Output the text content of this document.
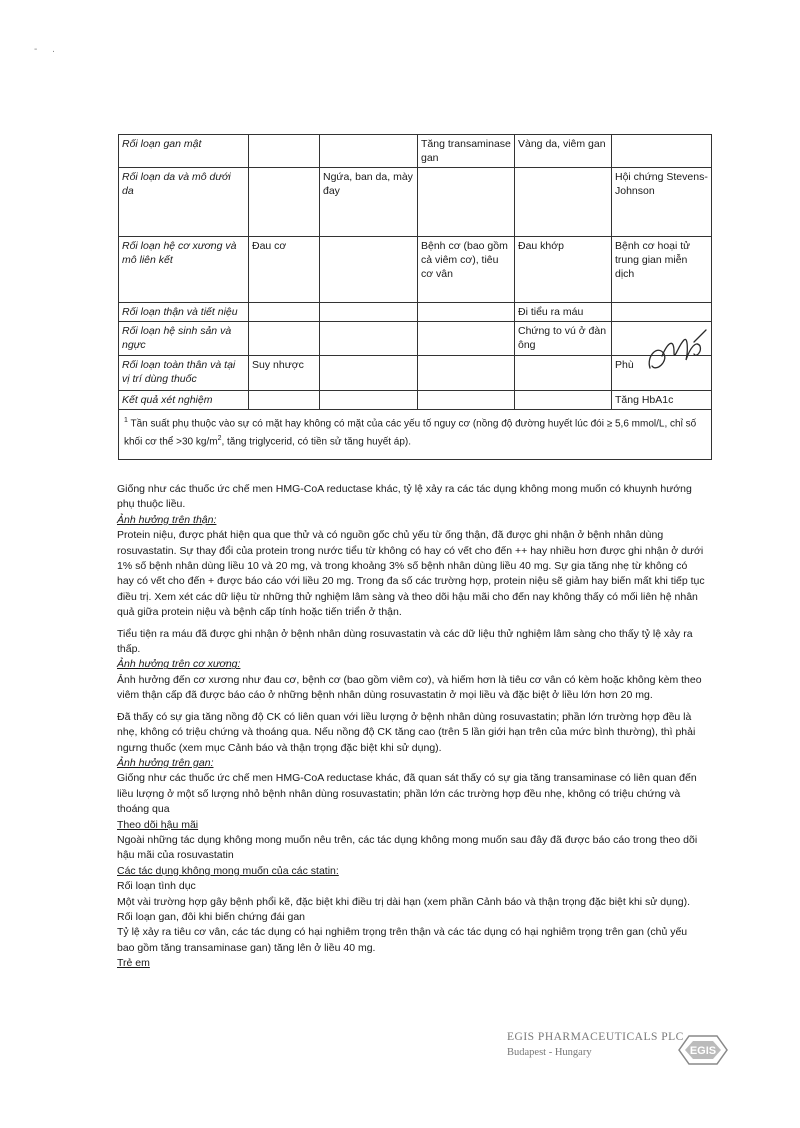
- .
Rối loạn gan mật			Tăng transaminase gan	Vàng da, viêm gan	
Rối loạn da và mô dưới da		Ngứa, ban da, mày đay			Hội chứng Stevens-Johnson
Rối loạn hệ cơ xương và mô liên kết	Đau cơ		Bệnh cơ (bao gồm cả viêm cơ), tiêu cơ vân	Đau khớp	Bệnh cơ hoại tử trung gian miễn dịch
Rối loạn thận và tiết niệu				Đi tiểu ra máu	
Rối loạn hệ sinh sản và ngực				Chứng to vú ở đàn ông	
Rối loạn toàn thân và tại vị trí dùng thuốc	Suy nhược				Phù
Kết quả xét nghiệm					Tăng HbA1c
$^1$ Tần suất phụ thuộc vào sự có mặt hay không có mặt của các yếu tố nguy cơ (nồng độ đường huyết lúc đói ≥ 5,6 mmol/L, chỉ số khối cơ thể >30 $kg/m^2$, tăng triglycerid, có tiền sử tăng huyết áp).					

Giống như các thuốc ức chế men HMG-CoA reductase khác, tỷ lệ xảy ra các tác dụng không mong muốn có khuynh hướng phụ thuộc liều.

Ảnh hưởng trên thận:

Protein niệu, được phát hiện qua que thử và có nguồn gốc chủ yếu từ ống thận, đã được ghi nhận ở bệnh nhân dùng rosuvastatin. Sự thay đổi của protein trong nước tiểu từ không có hay có vết cho đến ++ hay nhiều hơn được ghi nhận ở dưới 1% số bệnh nhân dùng liều 10 và 20 mg, và trong khoảng 3% số bệnh nhân dùng liều 40 mg. Sự gia tăng nhẹ từ không có hay có vết cho đến + được báo cáo với liều 20 mg. Trong đa số các trường hợp, protein niệu sẽ giảm hay biến mất khi tiếp tục điều trị. Xem xét các dữ liệu từ những thử nghiệm lâm sàng và theo dõi hậu mãi cho đến nay không thấy có mối liên hệ nhân quả giữa protein niệu và bệnh cấp tính hoặc tiến triển ở thận.

Tiểu tiện ra máu đã được ghi nhận ở bệnh nhân dùng rosuvastatin và các dữ liệu thử nghiệm lâm sàng cho thấy tỷ lệ xảy ra thấp.

Ảnh hưởng trên cơ xương:

Ảnh hưởng đến cơ xương như đau cơ, bệnh cơ (bao gồm viêm cơ), và hiếm hơn là tiêu cơ vân có kèm hoặc không kèm theo viêm thận cấp đã được báo cáo ở những bệnh nhân dùng rosuvastatin ở mọi liều và đặc biệt ở liều lớn hơn 20 mg.

Đã thấy có sự gia tăng nồng độ CK có liên quan với liều lượng ở bệnh nhân dùng rosuvastatin; phần lớn trường hợp đều là nhẹ, không có triệu chứng và thoáng qua. Nếu nồng độ CK tăng cao (trên 5 lần giới hạn trên của mức bình thường), thì phải ngưng thuốc (xem mục Cảnh báo và thận trọng đặc biệt khi sử dụng).

Ảnh hưởng trên gan:

Giống như các thuốc ức chế men HMG-CoA reductase khác, đã quan sát thấy có sự gia tăng transaminase có liên quan đến liều lượng ở một số lượng nhỏ bệnh nhân dùng rosuvastatin; phần lớn các trường hợp đều nhẹ, không có triệu chứng và thoáng qua

Theo dõi hậu mãi

Ngoài những tác dụng không mong muốn nêu trên, các tác dụng không mong muốn sau đây đã được báo cáo trong theo dõi hậu mãi của rosuvastatin

Các tác dụng không mong muốn của các statin:

Rối loạn tình dục

Một vài trường hợp gây bệnh phổi kẽ, đặc biệt khi điều trị dài hạn (xem phần Cảnh báo và thận trọng đặc biệt khi sử dụng).

Rối loạn gan, đôi khi biến chứng đái gan

Tỷ lệ xảy ra tiêu cơ vân, các tác dụng có hại nghiêm trọng trên thận và các tác dụng có hại nghiêm trọng trên gan (chủ yếu bao gồm tăng transaminase gan) tăng lên ở liều 40 mg.

Trẻ em

EGIS PHARMACEUTICALS PLC
Budapest - Hungary	EGIS
